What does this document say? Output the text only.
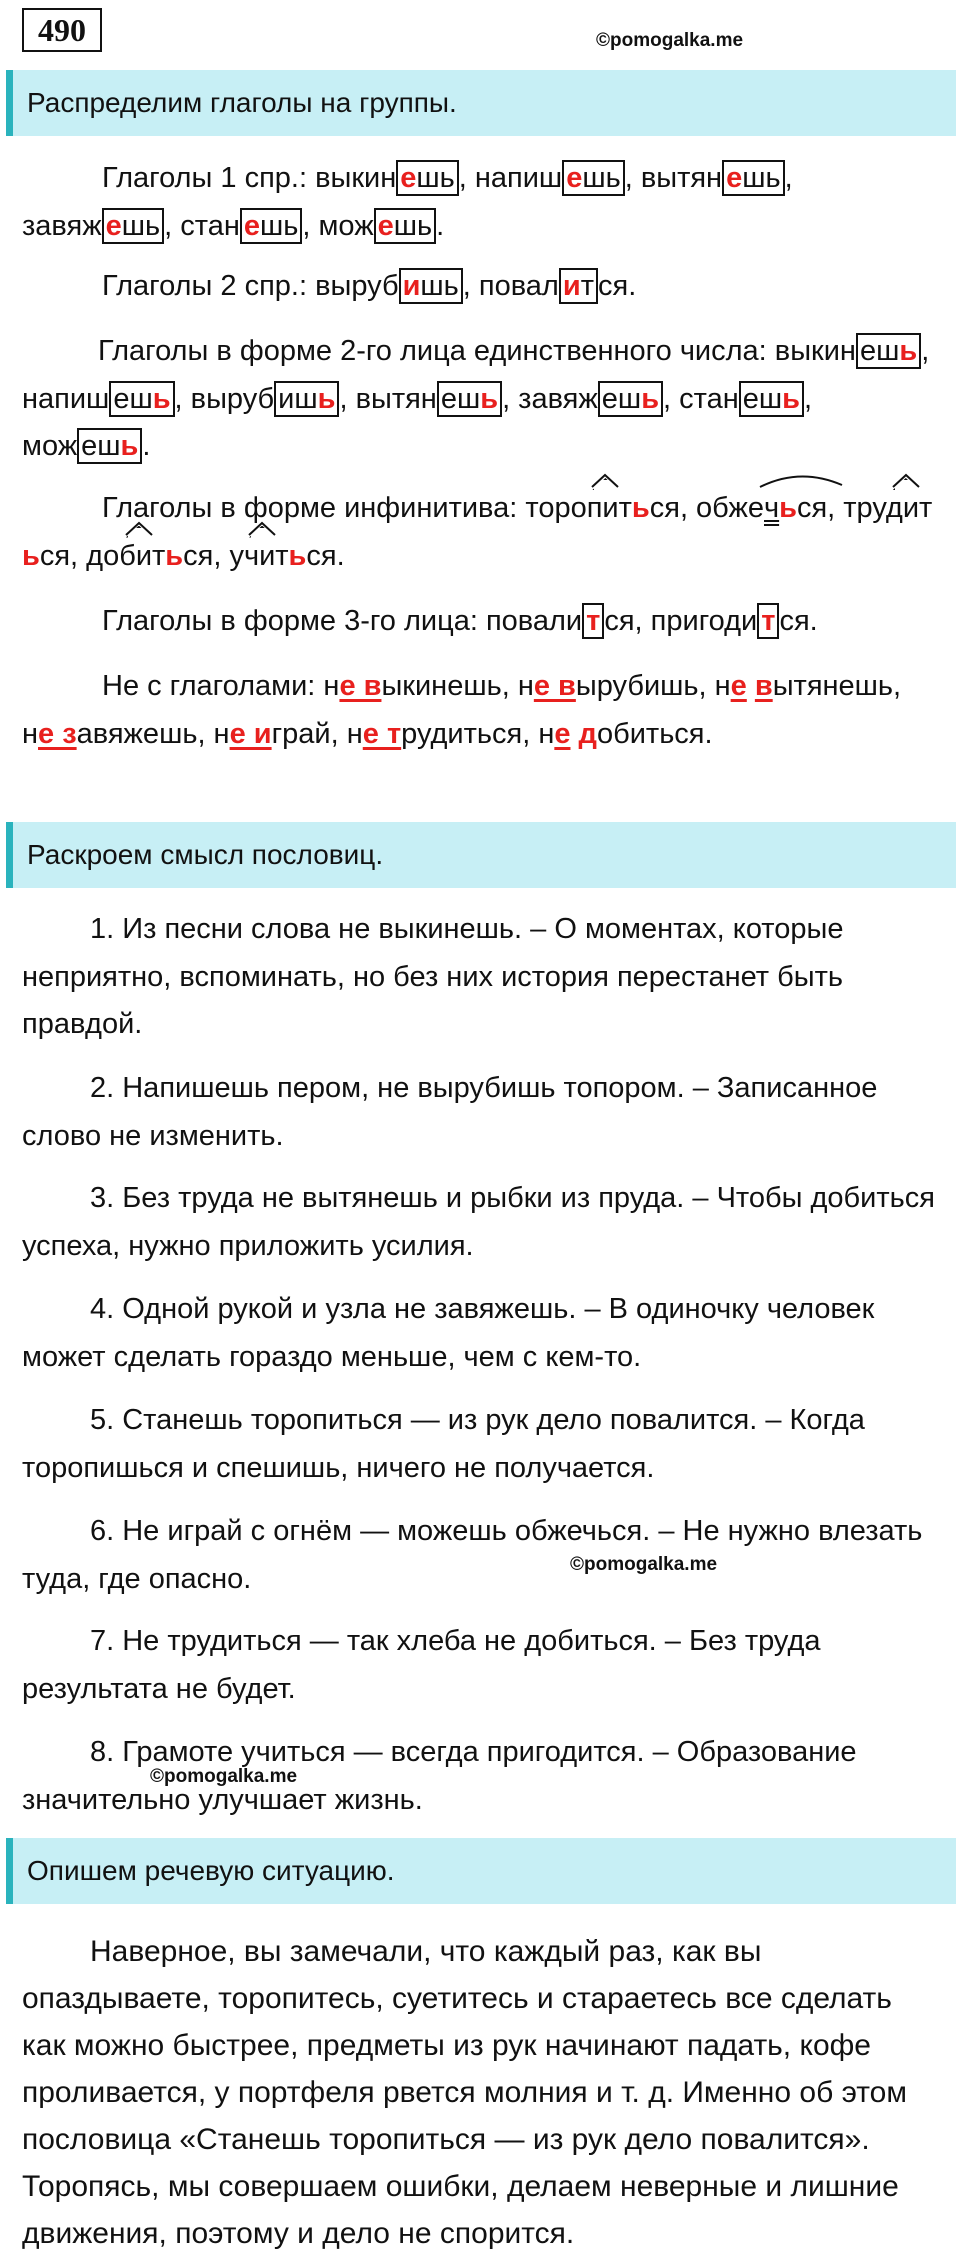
490	©pomogalka.me
Распределим глаголы на группы.
Глаголы 1 спр.: выкин ешь , напиш ешь , вытян ешь , завяж ешь , стан ешь , мож ешь .
Глаголы 2 спр.: выруб ишь , повал ит ся.
Глаголы в форме 2-го лица единственного числа: выкин ешь , напиш ешь , выруб ишь , вытян ешь , завяж ешь , стан ешь , мож ешь .
Глаголы в форме инфинитива: торопит
ься, обжеч
ься, трудит
ься, добит
ься, учит
ься.
Глаголы в форме 3-го лица: повали т ся, пригоди т ся.
Не с глаголами: не выкинешь, не вырубишь, не вытянешь, не завяжешь, не играй, не трудиться, не добиться.
Раскроем смысл пословиц.
1. Из песни слова не выкинешь. – О моментах, которые неприятно, вспоминать, но без них история перестанет быть правдой.
2. Напишешь пером, не вырубишь топором. – Записанное слово не изменить.
3. Без труда не вытянешь и рыбки из пруда. – Чтобы добиться успеха, нужно приложить усилия.
4. Одной рукой и узла не завяжешь. – В одиночку человек может сделать гораздо меньше, чем с кем-то.
5. Станешь торопиться — из рук дело повалится. – Когда торопишься и спешишь, ничего не получается.
6. Не играй с огнём — можешь обжечься. – Не нужно влезать туда, где опасно.	©pomogalka.me
7. Не трудиться — так хлеба не добиться. – Без труда результата не будет.
8. Грамоте учиться — всегда пригодится. – Образование значительно улучшает жизнь.
©pomogalka.me
Опишем речевую ситуацию.
Наверное, вы замечали, что каждый раз, как вы опаздываете, торопитесь, суетитесь и стараетесь все сделать как можно быстрее, предметы из рук начинают падать, кофе проливается, у портфеля рвется молния и т. д. Именно об этом пословица «Станешь торопиться — из рук дело повалится». Торопясь, мы совершаем ошибки, делаем неверные и лишние движения, поэтому и дело не спорится.
